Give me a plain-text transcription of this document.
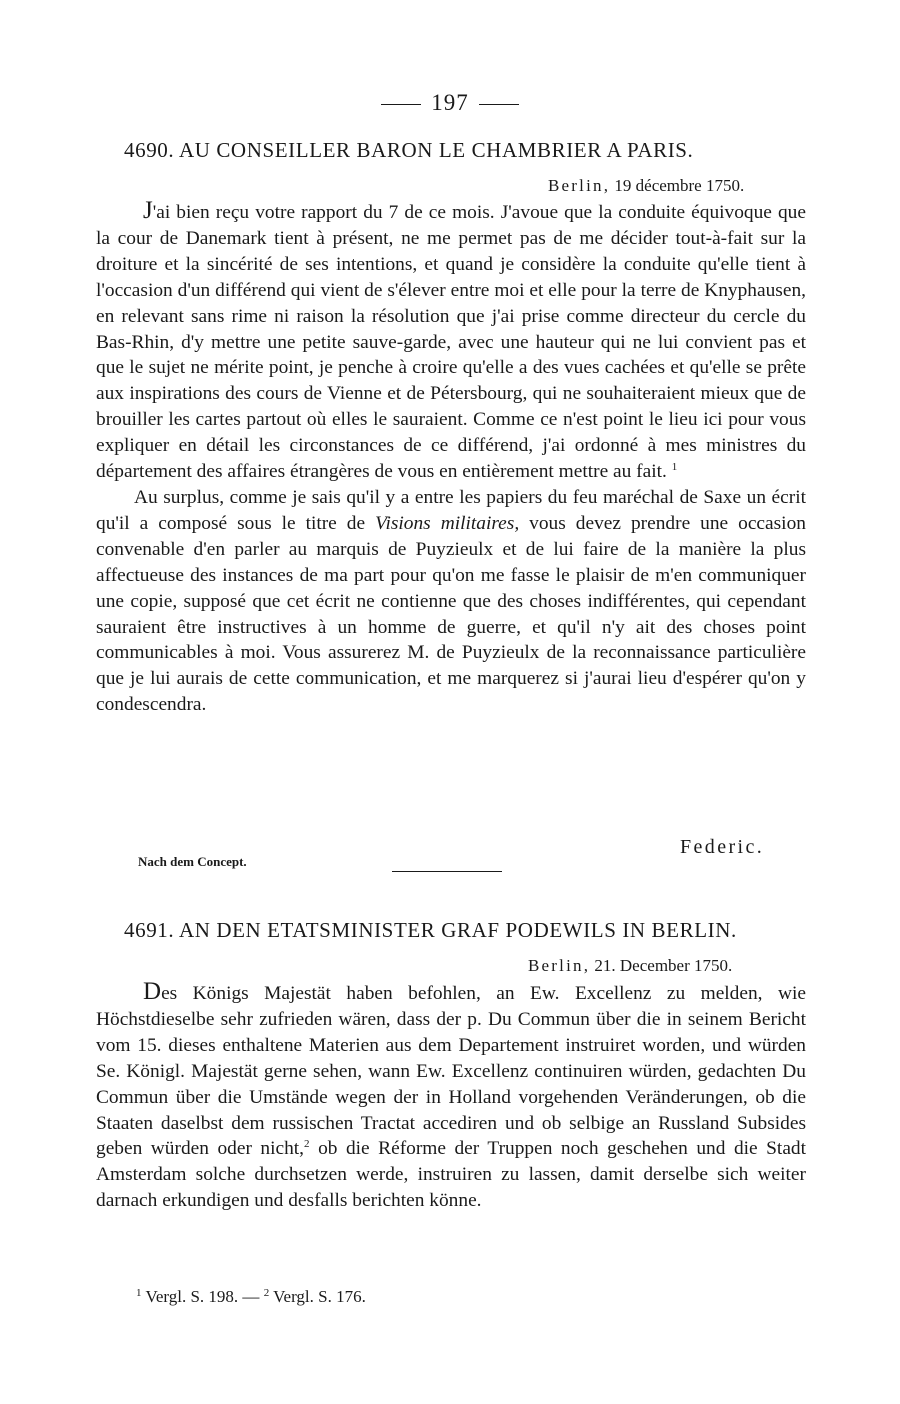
197
4690. AU CONSEILLER BARON LE CHAMBRIER A PARIS.
Berlin, 19 décembre 1750.

J'ai bien reçu votre rapport du 7 de ce mois. J'avoue que la conduite équivoque que la cour de Danemark tient à présent, ne me permet pas de me décider tout-à-fait sur la droiture et la sincérité de ses intentions, et quand je considère la conduite qu'elle tient à l'occasion d'un différend qui vient de s'élever entre moi et elle pour la terre de Knyphausen, en relevant sans rime ni raison la résolution que j'ai prise comme directeur du cercle du Bas-Rhin, d'y mettre une petite sauve-garde, avec une hauteur qui ne lui convient pas et que le sujet ne mérite point, je penche à croire qu'elle a des vues cachées et qu'elle se prête aux inspirations des cours de Vienne et de Pétersbourg, qui ne souhaiteraient mieux que de brouiller les cartes partout où elles le sauraient. Comme ce n'est point le lieu ici pour vous expliquer en détail les circonstances de ce différend, j'ai ordonné à mes ministres du département des affaires étrangères de vous en entièrement mettre au fait. $^1$

Au surplus, comme je sais qu'il y a entre les papiers du feu maréchal de Saxe un écrit qu'il a composé sous le titre de Visions militaires, vous devez prendre une occasion convenable d'en parler au marquis de Puyzieulx et de lui faire de la manière la plus affectueuse des instances de ma part pour qu'on me fasse le plaisir de m'en communiquer une copie, supposé que cet écrit ne contienne que des choses indifférentes, qui cependant sauraient être instructives à un homme de guerre, et qu'il n'y ait des choses point communicables à moi. Vous assurerez M. de Puyzieulx de la reconnaissance particulière que je lui aurais de cette communication, et me marquerez si j'aurai lieu d'espérer qu'on y condescendra.

Federic.
Nach dem Concept.
4691. AN DEN ETATSMINISTER GRAF PODEWILS IN BERLIN.
Berlin, 21. December 1750.

Des Königs Majestät haben befohlen, an Ew. Excellenz zu melden, wie Höchstdieselbe sehr zufrieden wären, dass der p. Du Commun über die in seinem Bericht vom 15. dieses enthaltene Materien aus dem Departement instruiret worden, und würden Se. Königl. Majestät gerne sehen, wann Ew. Excellenz continuiren würden, gedachten Du Commun über die Umstände wegen der in Holland vorgehenden Veränderungen, ob die Staaten daselbst dem russischen Tractat accediren und ob selbige an Russland Subsides geben würden oder nicht,$^2$ ob die Réforme der Truppen noch geschehen und die Stadt Amsterdam solche durchsetzen werde, instruiren zu lassen, damit derselbe sich weiter darnach erkundigen und desfalls berichten könne.

$^1$ Vergl. S. 198. — $^2$ Vergl. S. 176.
